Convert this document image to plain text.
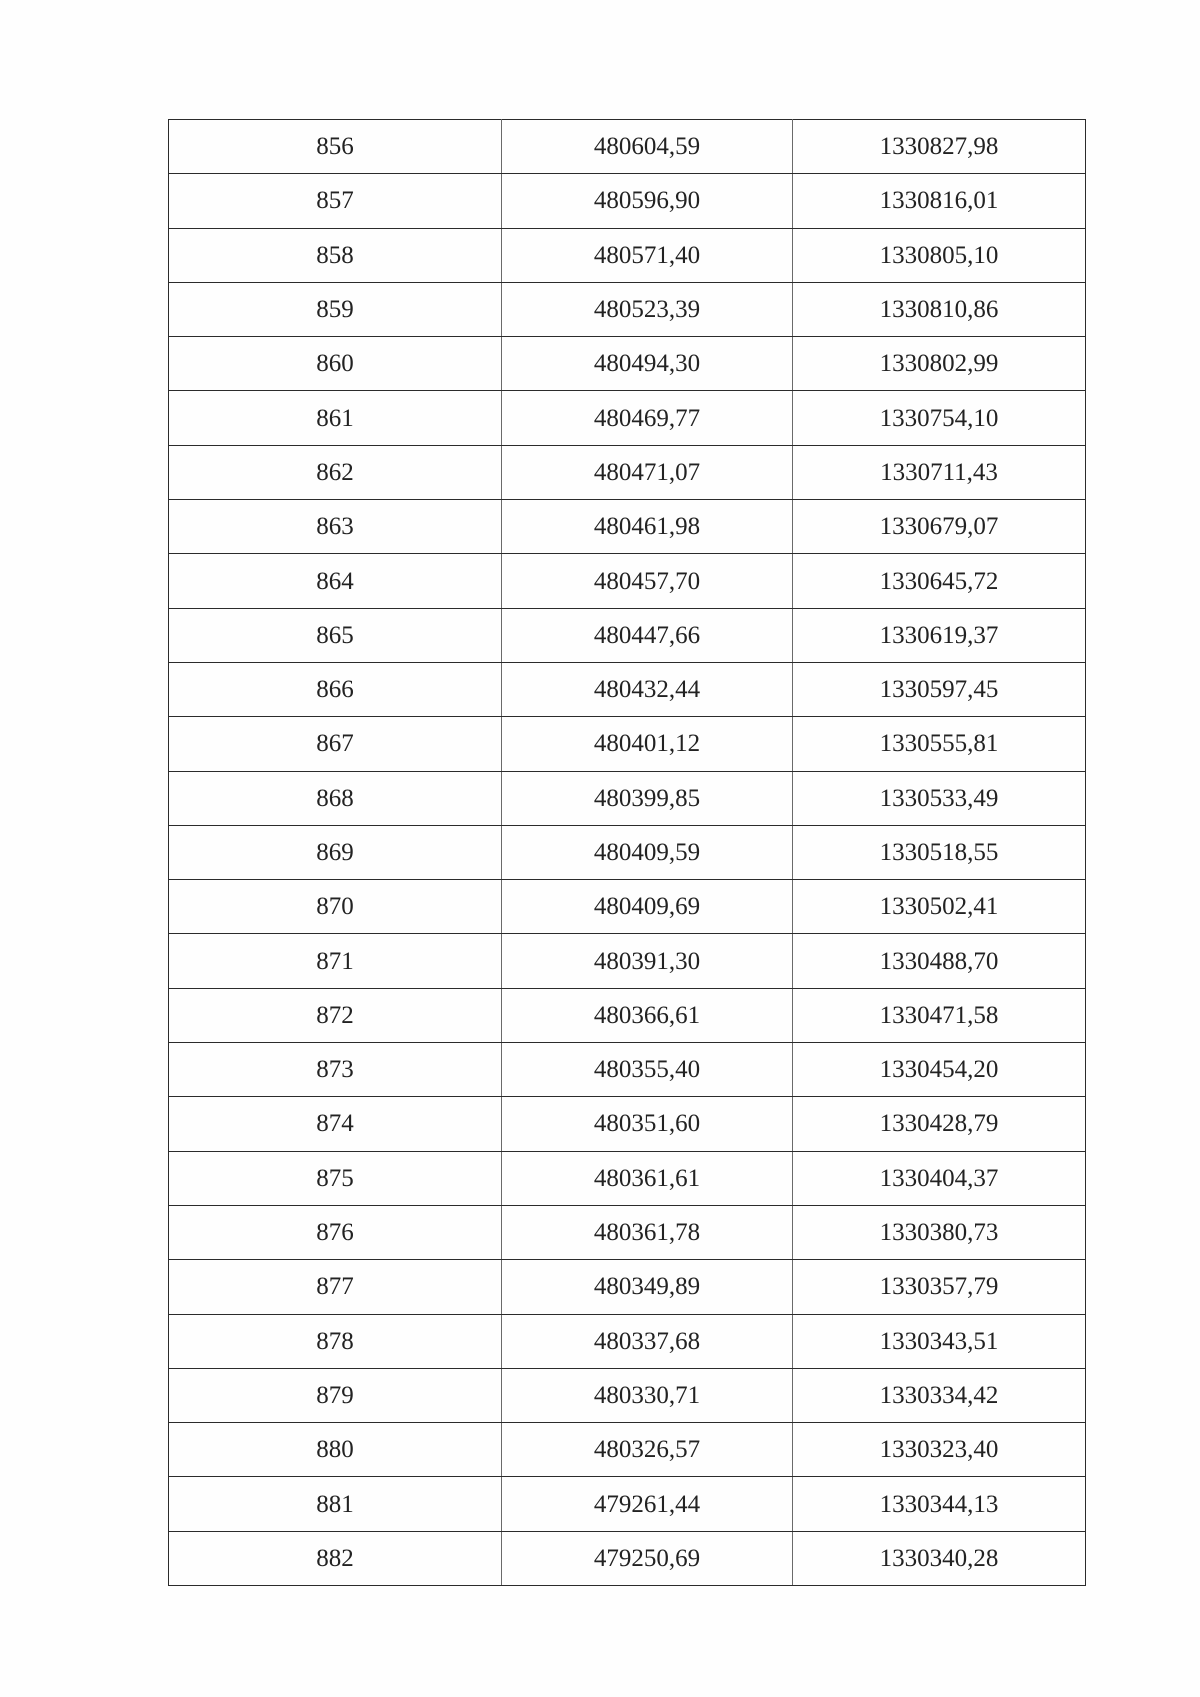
856	480604,59	1330827,98
857	480596,90	1330816,01
858	480571,40	1330805,10
859	480523,39	1330810,86
860	480494,30	1330802,99
861	480469,77	1330754,10
862	480471,07	1330711,43
863	480461,98	1330679,07
864	480457,70	1330645,72
865	480447,66	1330619,37
866	480432,44	1330597,45
867	480401,12	1330555,81
868	480399,85	1330533,49
869	480409,59	1330518,55
870	480409,69	1330502,41
871	480391,30	1330488,70
872	480366,61	1330471,58
873	480355,40	1330454,20
874	480351,60	1330428,79
875	480361,61	1330404,37
876	480361,78	1330380,73
877	480349,89	1330357,79
878	480337,68	1330343,51
879	480330,71	1330334,42
880	480326,57	1330323,40
881	479261,44	1330344,13
882	479250,69	1330340,28
